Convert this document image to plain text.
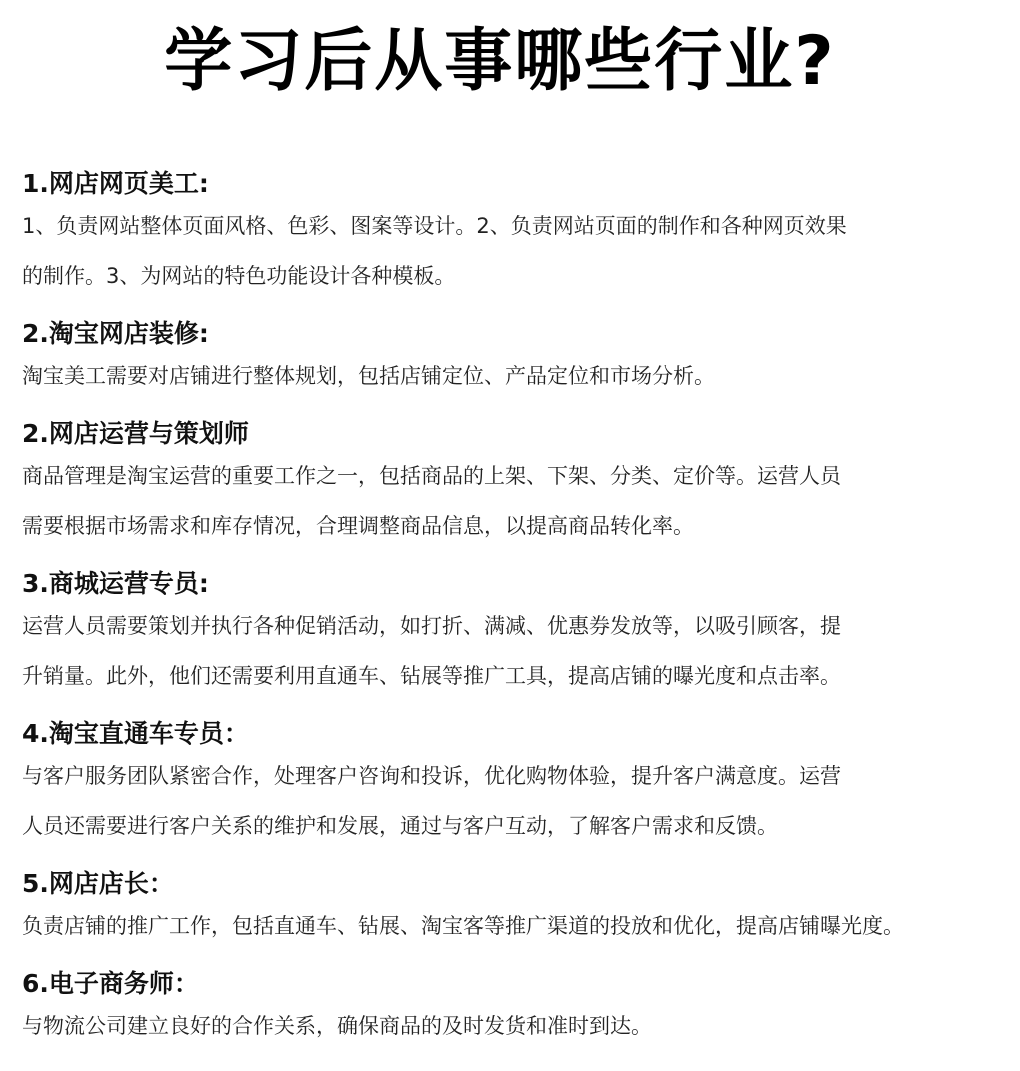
学习后从事哪些行业?
1.网店网页美工:

1、负责网站整体页面风格、色彩、图案等设计。2、负责网站页面的制作和各种网页效果
的制作。3、为网站的特色功能设计各种模板。

2.淘宝网店装修:

淘宝美工需要对店铺进行整体规划，包括店铺定位、产品定位和市场分析。

2.网店运营与策划师

商品管理是淘宝运营的重要工作之一，包括商品的上架、下架、分类、定价等。运营人员
需要根据市场需求和库存情况，合理调整商品信息，以提高商品转化率。

3.商城运营专员:

运营人员需要策划并执行各种促销活动，如打折、满减、优惠券发放等，以吸引顾客，提
升销量。此外，他们还需要利用直通车、钻展等推广工具，提高店铺的曝光度和点击率。

4.淘宝直通车专员：

与客户服务团队紧密合作，处理客户咨询和投诉，优化购物体验，提升客户满意度。运营
人员还需要进行客户关系的维护和发展，通过与客户互动，了解客户需求和反馈。

5.网店店长：

负责店铺的推广工作，包括直通车、钻展、淘宝客等推广渠道的投放和优化，提高店铺曝光度。

6.电子商务师：

与物流公司建立良好的合作关系，确保商品的及时发货和准时到达。
